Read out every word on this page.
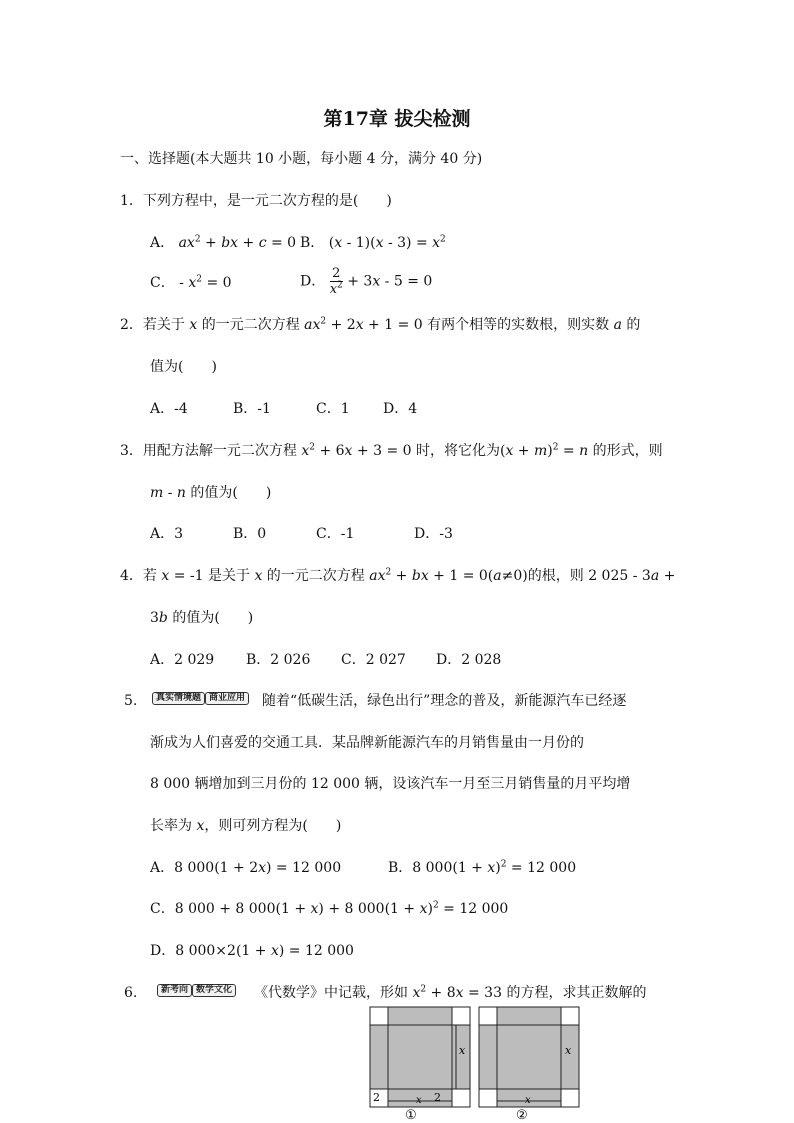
第17章 拔尖检测
一、选择题(本大题共 10 小题，每小题 4 分，满分 40 分)
1．下列方程中，是一元二次方程的是(　　)
A． $ax^2$ + bx + c = 0 B． $(x - 1)(x - 3) = x^2$
C． - $x^2 = 0$	D． $\frac{2}{x^2} + 3x - 5 = 0$
2．若关于 x 的一元二次方程 $ax^2 + 2x + 1 = 0$ 有两个相等的实数根，则实数 a 的
值为(　　)
A．-4	B．-1	C．1 D．4
3．用配方法解一元二次方程 $x^2 + 6x + 3 = 0$ 时，将它化为$(x + m)^2 = n$ 的形式，则
m - n 的值为(　　)
A．3	B．0	C．-1	D．-3
4．若 x = -1 是关于 x 的一元二次方程 $ax^2$ + bx + 1 = 0(a≠0)的根，则 2 025 - 3a +
3b 的值为(　　)
A．2 029 B．2 026 C．2 027 D．2 028
5.	真实情境题 商业应用 随着“低碳生活，绿色出行”理念的普及，新能源汽车已经逐
渐成为人们喜爱的交通工具．某品牌新能源汽车的月销售量由一月份的
8 000 辆增加到三月份的 12 000 辆，设该汽车一月至三月销售量的月平均增
长率为 x，则可列方程为(　　)
A．8 000(1 + 2x) = 12 000	B．8 $000(1 + x)^2 = 12$ 000
C．8 000 + 8 000(1 + x) + 8 $000(1 + x)^2 = 12$ 000
D．8 000×2(1 + x) = 12 000
6.	新考向 数学文化 《代数学》中记载，形如 $x^2 + 8x = 33$ 的方程，求其正数解的
x
2	x 2
①
x
x
②
